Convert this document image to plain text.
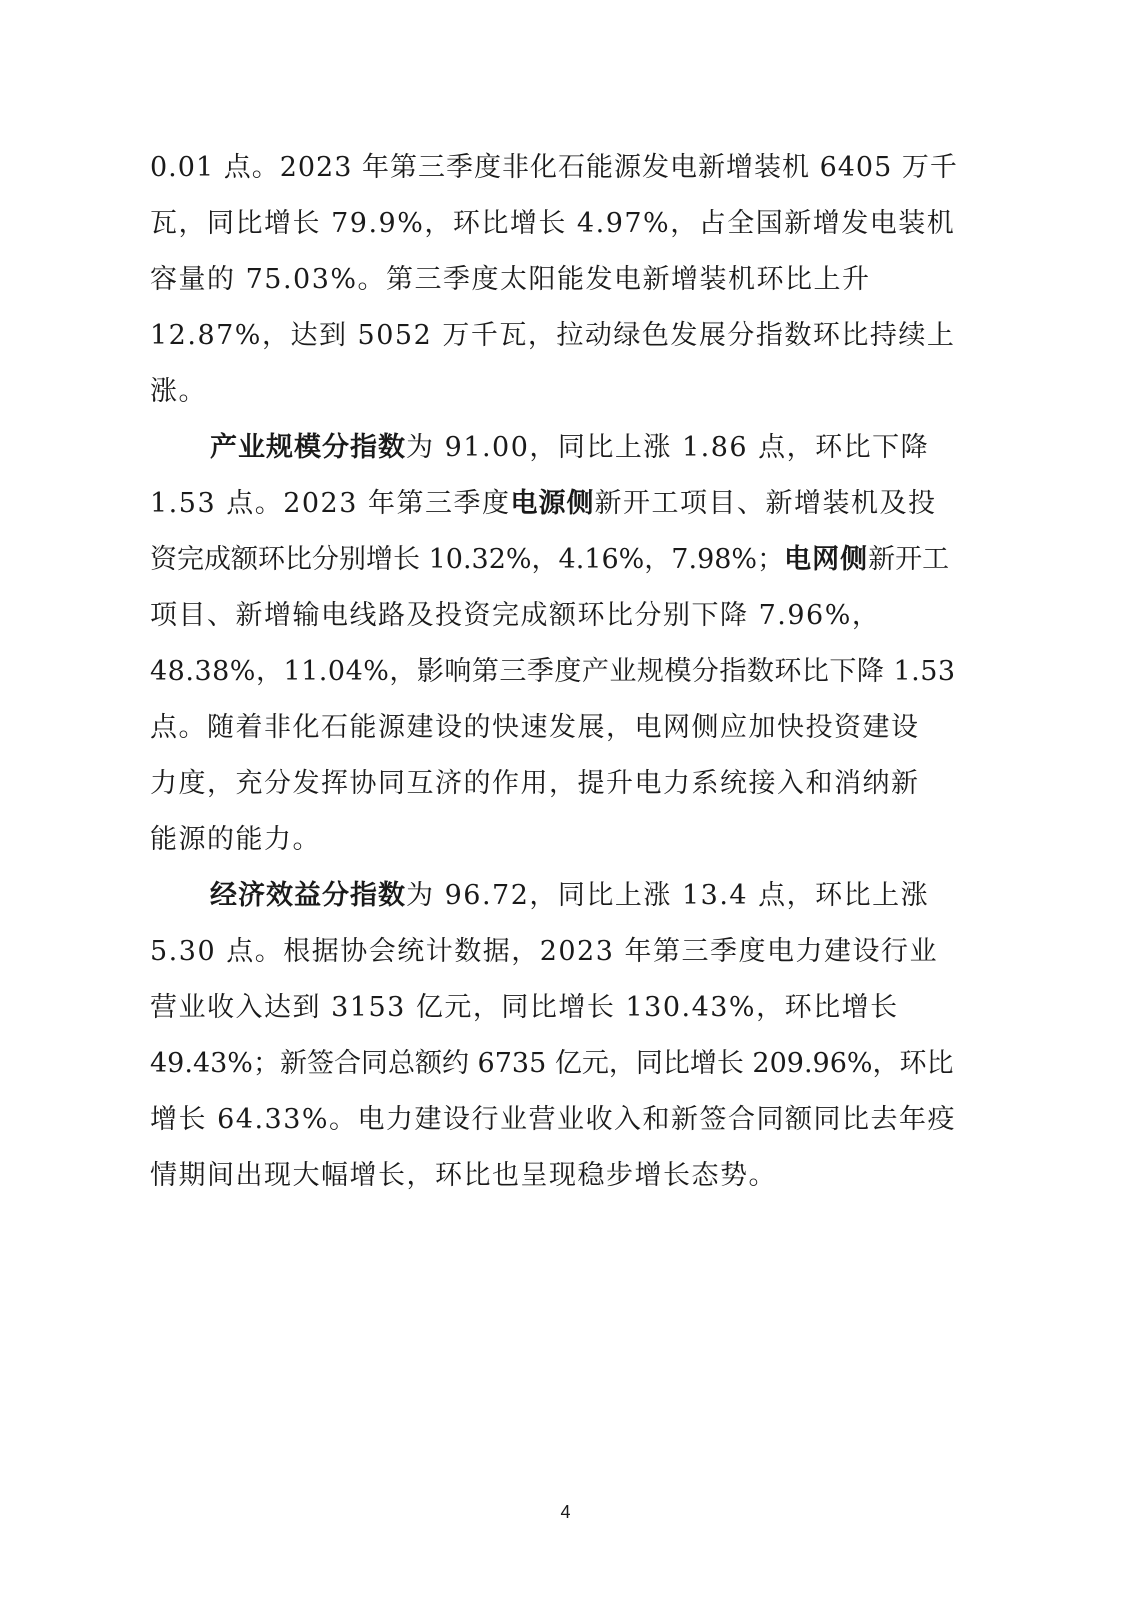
0.01 点。2023 年第三季度非化石能源发电新增装机 6405 万千
瓦，同比增长 79.9%，环比增长 4.97%，占全国新增发电装机
容量的 75.03%。第三季度太阳能发电新增装机环比上升
12.87%，达到 5052 万千瓦，拉动绿色发展分指数环比持续上
涨。
产业规模分指数为 91.00，同比上涨 1.86 点，环比下降
1.53 点。2023 年第三季度电源侧新开工项目、新增装机及投
资完成额环比分别增长 10.32%，4.16%，7.98%；电网侧新开工
项目、新增输电线路及投资完成额环比分别下降 7.96%，
48.38%，11.04%，影响第三季度产业规模分指数环比下降 1.53
点。随着非化石能源建设的快速发展，电网侧应加快投资建设
力度，充分发挥协同互济的作用，提升电力系统接入和消纳新
能源的能力。
经济效益分指数为 96.72，同比上涨 13.4 点，环比上涨
5.30 点。根据协会统计数据，2023 年第三季度电力建设行业
营业收入达到 3153 亿元，同比增长 130.43%，环比增长
49.43%；新签合同总额约 6735 亿元，同比增长 209.96%，环比
增长 64.33%。电力建设行业营业收入和新签合同额同比去年疫
情期间出现大幅增长，环比也呈现稳步增长态势。
4
